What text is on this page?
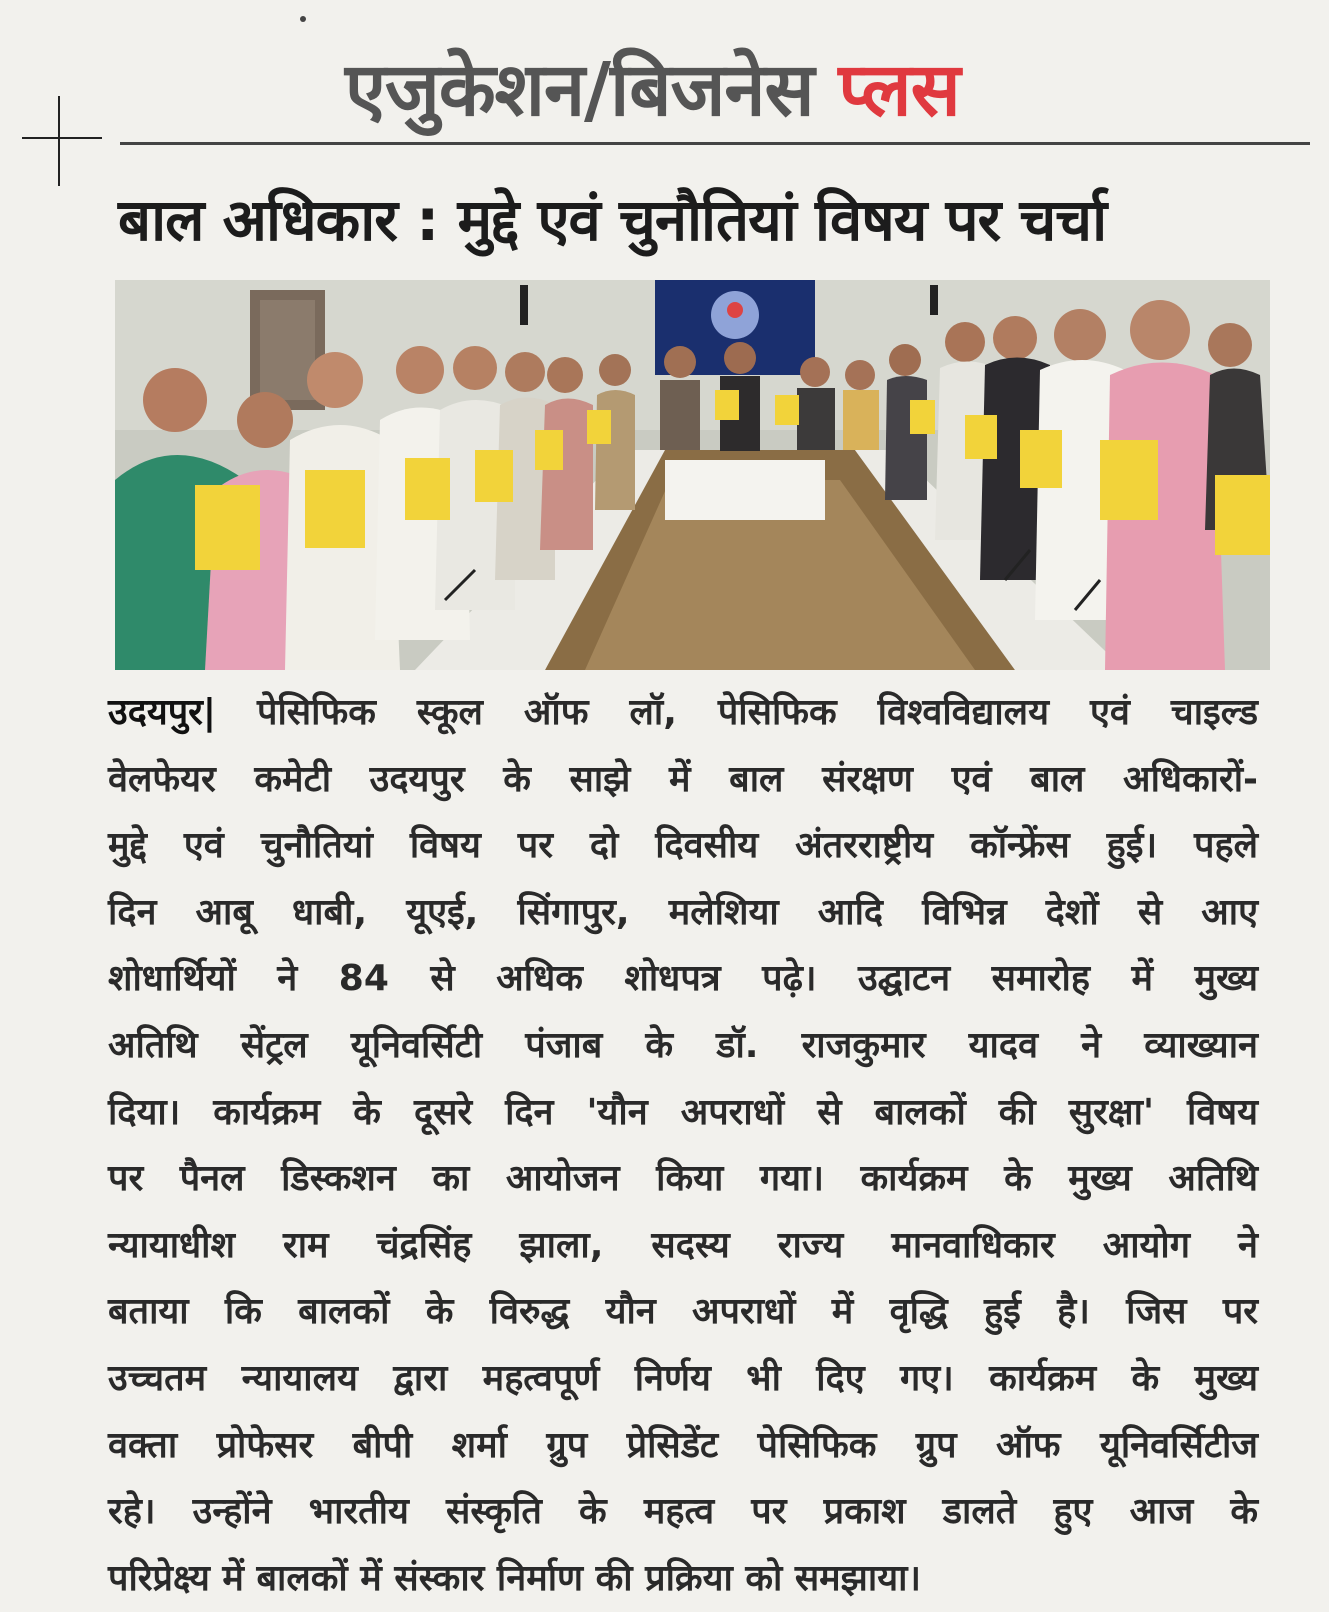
एजुकेशन/बिजनेस प्लस
बाल अधिकार : मुद्दे एवं चुनौतियां विषय पर चर्चा
उदयपुर| पेसिफिक स्कूल ऑफ लॉ, पेसिफिक विश्वविद्यालय एवं चाइल्ड
वेलफेयर कमेटी उदयपुर के साझे में बाल संरक्षण एवं बाल अधिकारों-
मुद्दे एवं चुनौतियां विषय पर दो दिवसीय अंतरराष्ट्रीय कॉन्फ्रेंस हुई। पहले
दिन आबू धाबी, यूएई, सिंगापुर, मलेशिया आदि विभिन्न देशों से आए
शोधार्थियों ने 84 से अधिक शोधपत्र पढ़े। उद्घाटन समारोह में मुख्य
अतिथि सेंट्रल यूनिवर्सिटी पंजाब के डॉ. राजकुमार यादव ने व्याख्यान
दिया। कार्यक्रम के दूसरे दिन 'यौन अपराधों से बालकों की सुरक्षा' विषय
पर पैनल डिस्कशन का आयोजन किया गया। कार्यक्रम के मुख्य अतिथि
न्यायाधीश राम चंद्रसिंह झाला, सदस्य राज्य मानवाधिकार आयोग ने
बताया कि बालकों के विरुद्ध यौन अपराधों में वृद्धि हुई है। जिस पर
उच्चतम न्यायालय द्वारा महत्वपूर्ण निर्णय भी दिए गए। कार्यक्रम के मुख्य
वक्ता प्रोफेसर बीपी शर्मा ग्रुप प्रेसिडेंट पेसिफिक ग्रुप ऑफ यूनिवर्सिटीज
रहे। उन्होंने भारतीय संस्कृति के महत्व पर प्रकाश डालते हुए आज के
परिप्रेक्ष्य में बालकों में संस्कार निर्माण की प्रक्रिया को समझाया।
